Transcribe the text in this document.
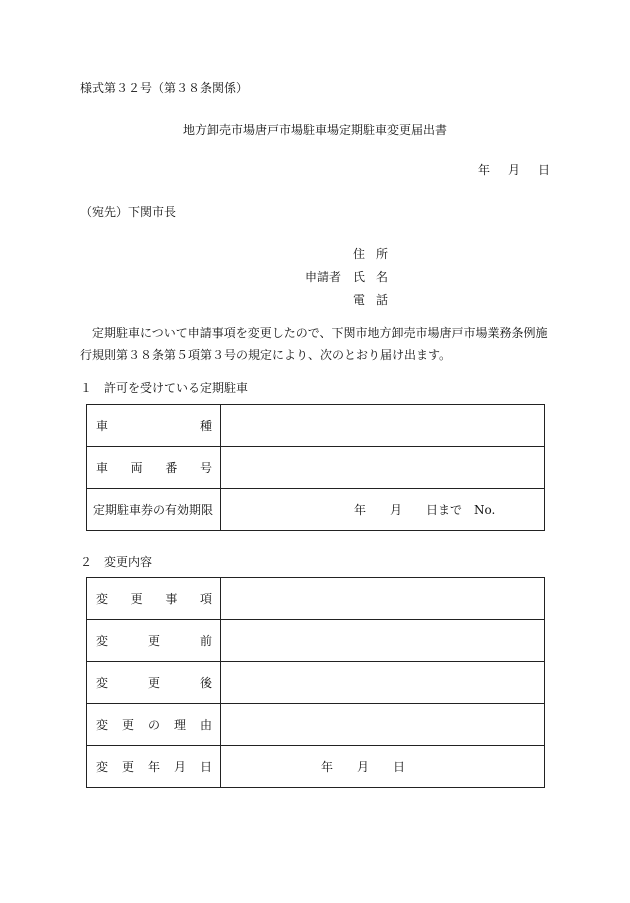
様式第３２号（第３８条関係）
地方卸売市場唐戸市場駐車場定期駐車変更届出書
年 月 日
（宛先）下関市長
住所
申請者 氏名
電話
定期駐車について申請事項を変更したので、下関市地方卸売市場唐戸市場業務条例施行規則第３８条第５項第３号の規定により、次のとおり届け出ます。
１　許可を受けている定期駐車
車 種	

車 両 番 号	

定期駐車券の有効期限	年 月 日まで No.
２　変更内容
変 更 事 項	

変 更 前	

変 更 後	

変 更 の 理 由	

変 更 年 月 日	年 月 日
